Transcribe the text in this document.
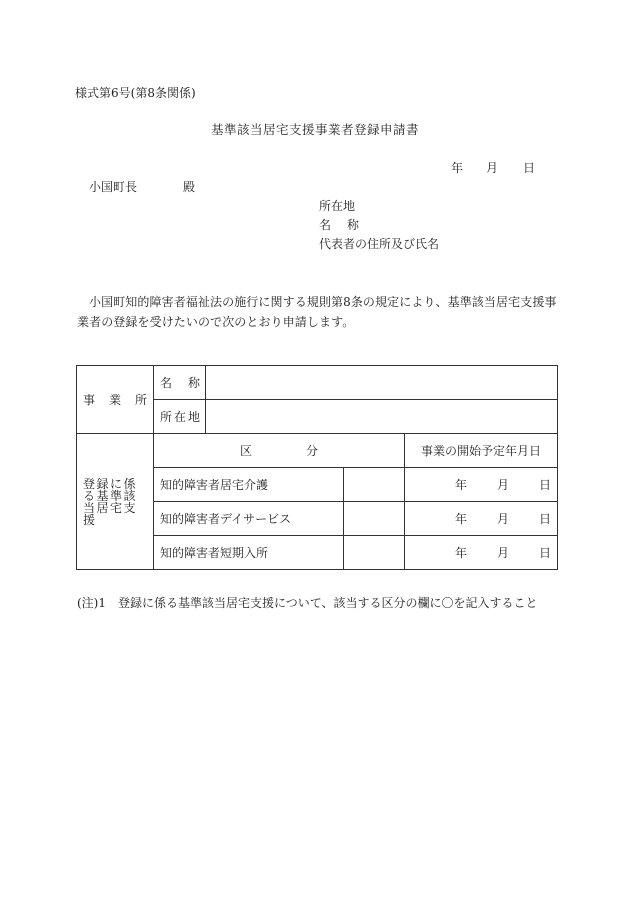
様式第6号(第8条関係)
基準該当居宅支援事業者登録申請書
年 月 日
小国町長	殿
所在地
名 称
代表者の住所及び氏名
小国町知的障害者福祉法の施行に関する規則第8条の規定により、基準該当居宅支援事業者の登録を受けたいので次のとおり申請します。
事業所	名称			

	所在地			

登録に係る基準該当居宅支援	区 分			事業の開始予定年月日
	知的障害者居宅介護			年 月 日
	知的障害者デイサービス			年 月 日
	知的障害者短期入所			年 月 日
(注)1　登録に係る基準該当居宅支援について、該当する区分の欄に〇を記入すること
